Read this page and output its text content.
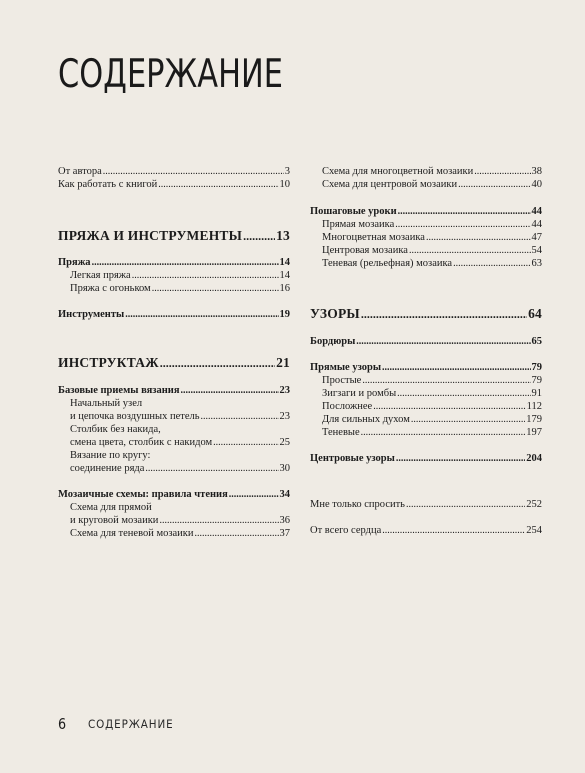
СОДЕРЖАНИЕ
От автора .....	3
Как работать с книгой .....	10
ПРЯЖА И ИНСТРУМЕНТЫ .....	13
Пряжа .....	14
Легкая пряжа .....	14
Пряжа с огоньком .....	16
Инструменты .....	19
ИНСТРУКТАЖ .....	21
Базовые приемы вязания .....	23
Начальный узел
и цепочка воздушных петель .....	23
Столбик без накида,
смена цвета, столбик с накидом .....	25
Вязание по кругу:
соединение ряда .....	30
Мозаичные схемы: правила чтения .....	34
Схема для прямой
и круговой мозаики .....	36
Схема для теневой мозаики .....	37
Схема для многоцветной мозаики .....	38
Схема для центровой мозаики .....	40
Пошаговые уроки .....	44
Прямая мозаика .....	44
Многоцветная мозаика .....	47
Центровая мозаика .....	54
Теневая (рельефная) мозаика .....	63
УЗОРЫ .....	64
Бордюры .....	65
Прямые узоры .....	79
Простые .....	79
Зигзаги и ромбы .....	91
Посложнее .....	112
Для сильных духом .....	179
Теневые .....	197
Центровые узоры .....	204
Мне только спросить .....	252
От всего сердца .....	254
6 СОДЕРЖАНИЕ
